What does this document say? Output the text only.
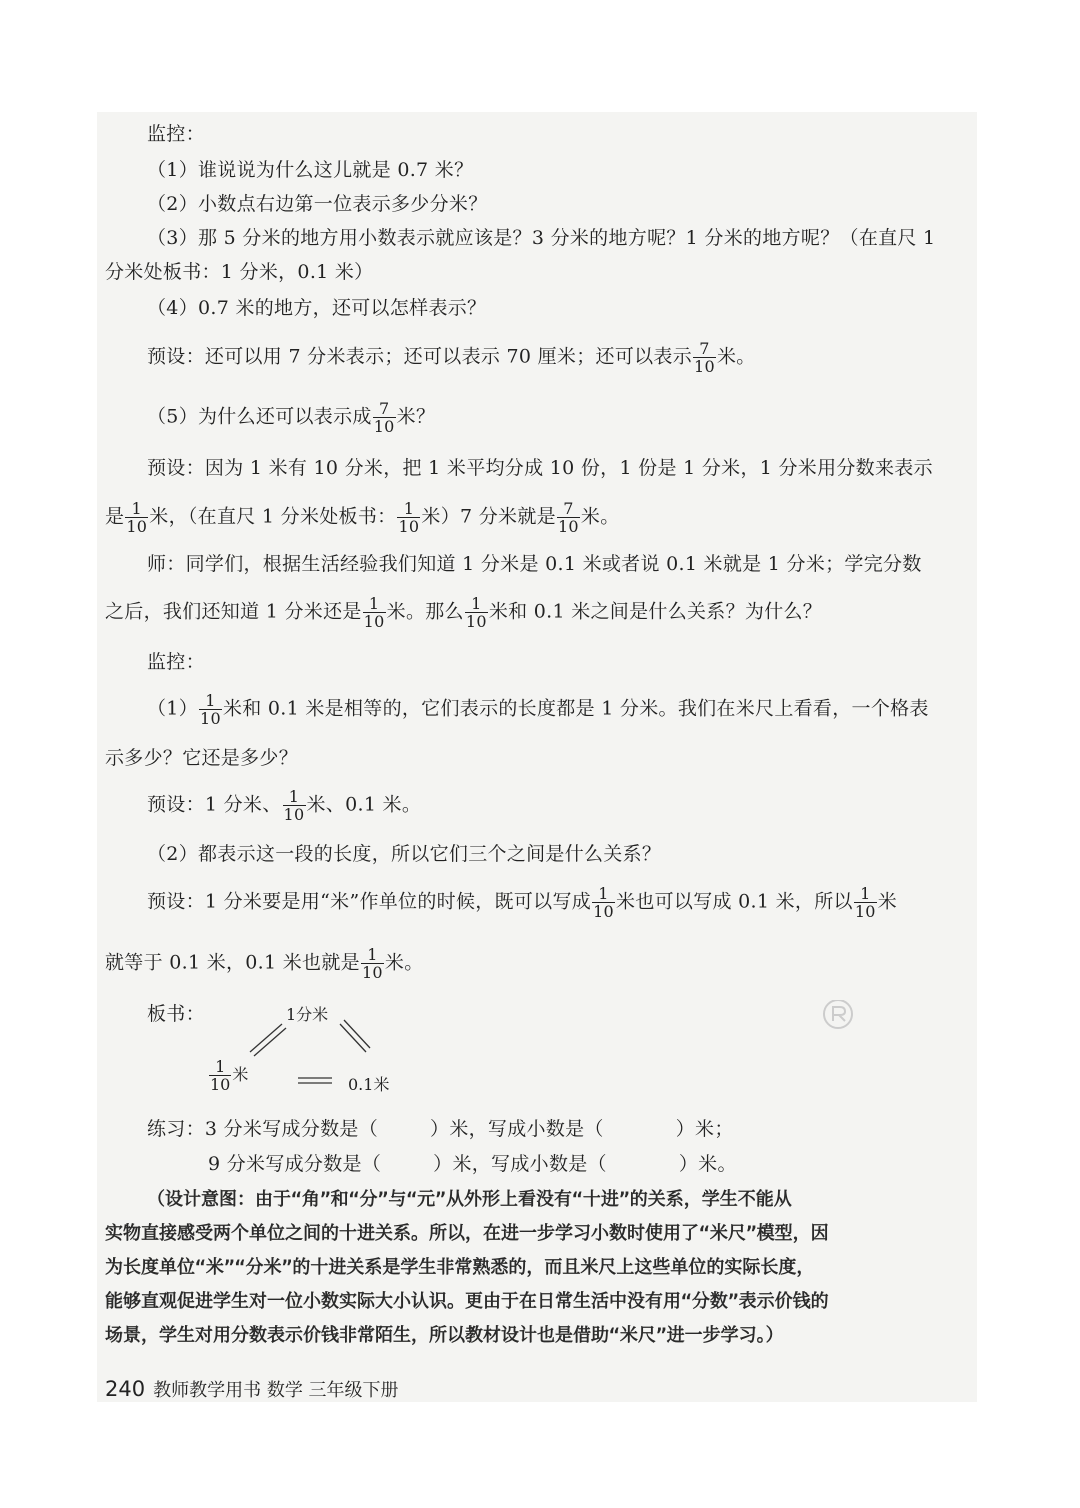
监控：
（1）谁说说为什么这儿就是 0.7 米？
（2）小数点右边第一位表示多少分米？
（3）那 5 分米的地方用小数表示就应该是？3 分米的地方呢？1 分米的地方呢？（在直尺 1
分米处板书：1 分米，0.1 米）
（4）0.7 米的地方，还可以怎样表示？
预设：还可以用 7 分米表示；还可以表示 70 厘米；还可以表示 $\frac{7}{10}$ 米。
（5）为什么还可以表示成 $\frac{7}{10}$ 米？
预设：因为 1 米有 10 分米，把 1 米平均分成 10 份，1 份是 1 分米，1 分米用分数来表示
是 $\frac{1}{10}$ 米，（在直尺 1 分米处板书： $\frac{1}{10}$ 米）7 分米就是 $\frac{7}{10}$ 米。
师：同学们，根据生活经验我们知道 1 分米是 0.1 米或者说 0.1 米就是 1 分米；学完分数
之后，我们还知道 1 分米还是 $\frac{1}{10}$ 米。那么 $\frac{1}{10}$ 米和 0.1 米之间是什么关系？为什么？
监控：
$(1) \frac{1}{10}$ 米和 0.1 米是相等的，它们表示的长度都是 1 分米。我们在米尺上看看，一个格表
示多少？它还是多少？
预设：1 分米、 $\frac{1}{10}$ 米、0.1 米。
（2）都表示这一段的长度，所以它们三个之间是什么关系？
预设：1 分米要是用“米”作单位的时候，既可以写成 $\frac{1}{10}$ 米也可以写成 0.1 米，所以 $\frac{1}{10}$ 米
就等于 0.1 米，0.1 米也就是 $\frac{1}{10}$ 米。
板书：	1分米
$\frac{1}{10}$ 米
0.1米
练习：3 分米写成分数是（	）米，写成小数是（	）米；
9 分米写成分数是（	）米，写成小数是（	）米。
（设计意图：由于“角”和“分”与“元”从外形上看没有“十进”的关系，学生不能从
实物直接感受两个单位之间的十进关系。所以，在进一步学习小数时使用了“米尺”模型，因
为长度单位“米”“分米”的十进关系是学生非常熟悉的，而且米尺上这些单位的实际长度，
能够直观促进学生对一位小数实际大小认识。更由于在日常生活中没有用“分数”表示价钱的
场景，学生对用分数表示价钱非常陌生，所以教材设计也是借助“米尺”进一步学习。）
240 教师教学用书 数学 三年级下册
